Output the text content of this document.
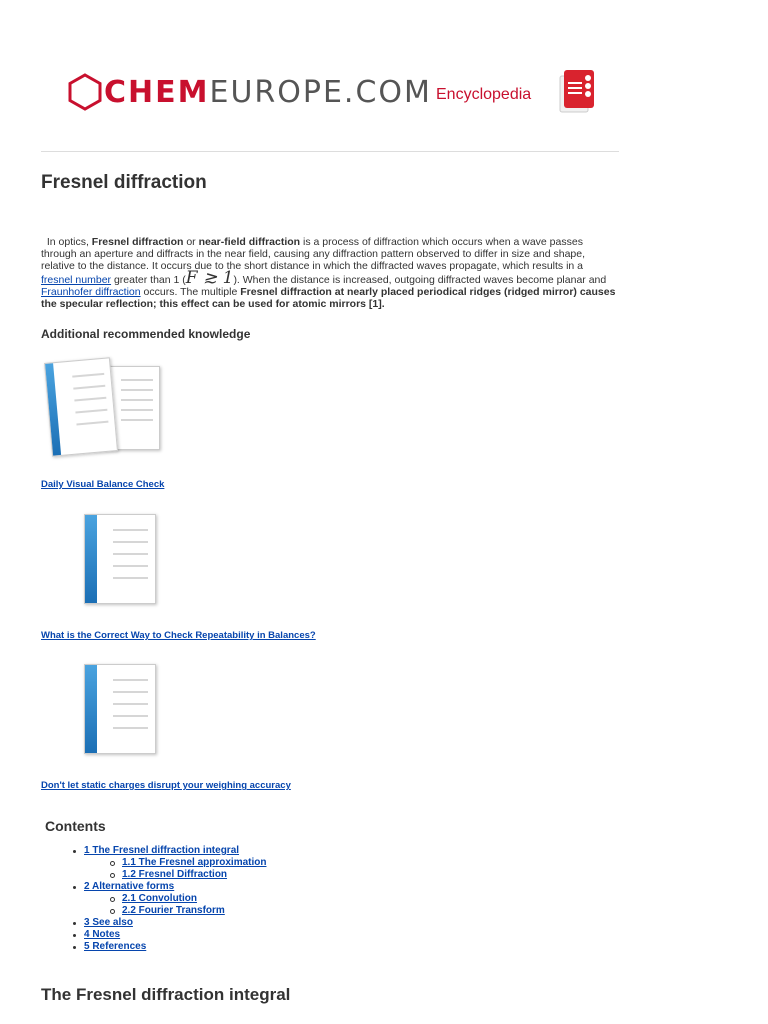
CHEMEUROPE.COM Encyclopedia
Fresnel diffraction

In optics, Fresnel diffraction or near-field diffraction is a process of diffraction which occurs when a wave passes through an aperture and diffracts in the near field, causing any diffraction pattern observed to differ in size and shape, relative to the distance. It occurs due to the short distance in which the diffracted waves propagate, which results in a
fresnel number greater than 1 (F ≳ 1). When the distance is increased, outgoing diffracted waves become planar and
Fraunhofer diffraction occurs. The multiple Fresnel diffraction at nearly placed periodical ridges (ridged mirror) causes the specular reflection; this effect can be used for atomic mirrors [1].

Additional recommended knowledge
Daily Visual Balance Check
What is the Correct Way to Check Repeatability in Balances?
Don't let static charges disrupt your weighing accuracy
Contents
1 The Fresnel diffraction integral
1.1 The Fresnel approximation
1.2 Fresnel Diffraction
2 Alternative forms
2.1 Convolution
2.2 Fourier Transform
3 See also
4 Notes
5 References
The Fresnel diffraction integral
